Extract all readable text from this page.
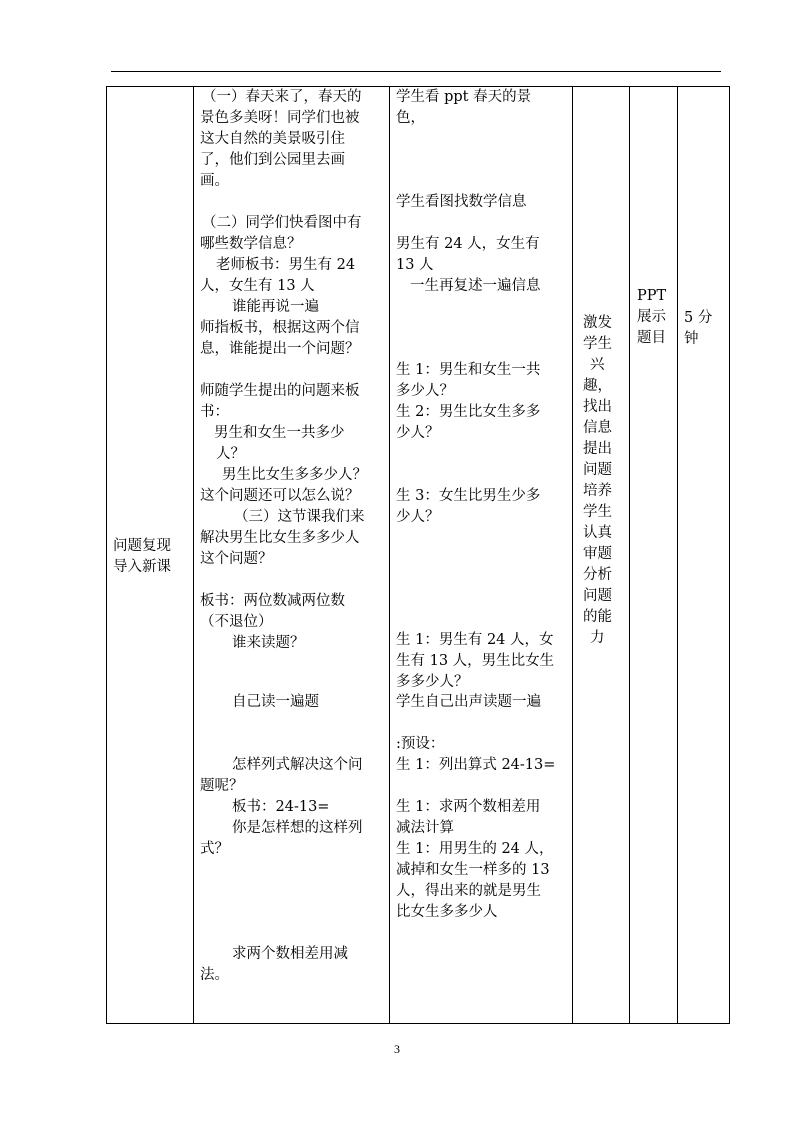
问题复现
导入新课

（一）春天来了，春天的
景色多美呀！同学们也被
这大自然的美景吸引住
了，他们到公园里去画
画。
（二）同学们快看图中有
哪些数学信息？
老师板书：男生有 24
人，女生有 13 人
谁能再说一遍
师指板书，根据这两个信
息，谁能提出一个问题？
师随学生提出的问题来板
书：
男生和女生一共多少
人？
男生比女生多多少人？
这个问题还可以怎么说？
（三）这节课我们来
解决男生比女生多多少人
这个问题？
板书：两位数减两位数
（不退位）
谁来读题？
自己读一遍题
怎样列式解决这个问
题呢？
板书：24-13=
你是怎样想的这样列
式？
求两个数相差用减
法。

学生看 ppt 春天的景
色，
学生看图找数学信息
男生有 24 人，女生有
13 人
一生再复述一遍信息
生 1：男生和女生一共
多少人？
生 2：男生比女生多多
少人？
生 3：女生比男生少多
少人？
生 1：男生有 24 人，女
生有 13 人，男生比女生
多多少人？
学生自己出声读题一遍
:预设：
生 1：列出算式 24-13=
生 1：求两个数相差用
减法计算
生 1：用男生的 24 人，
减掉和女生一样多的 13
人，得出来的就是男生
比女生多多少人

激发
学生
兴
趣，
找出
信息
提出
问题
培养
学生
认真
审题
分析
问题
的能
力

PPT
展示
题目

5 分
钟
3
